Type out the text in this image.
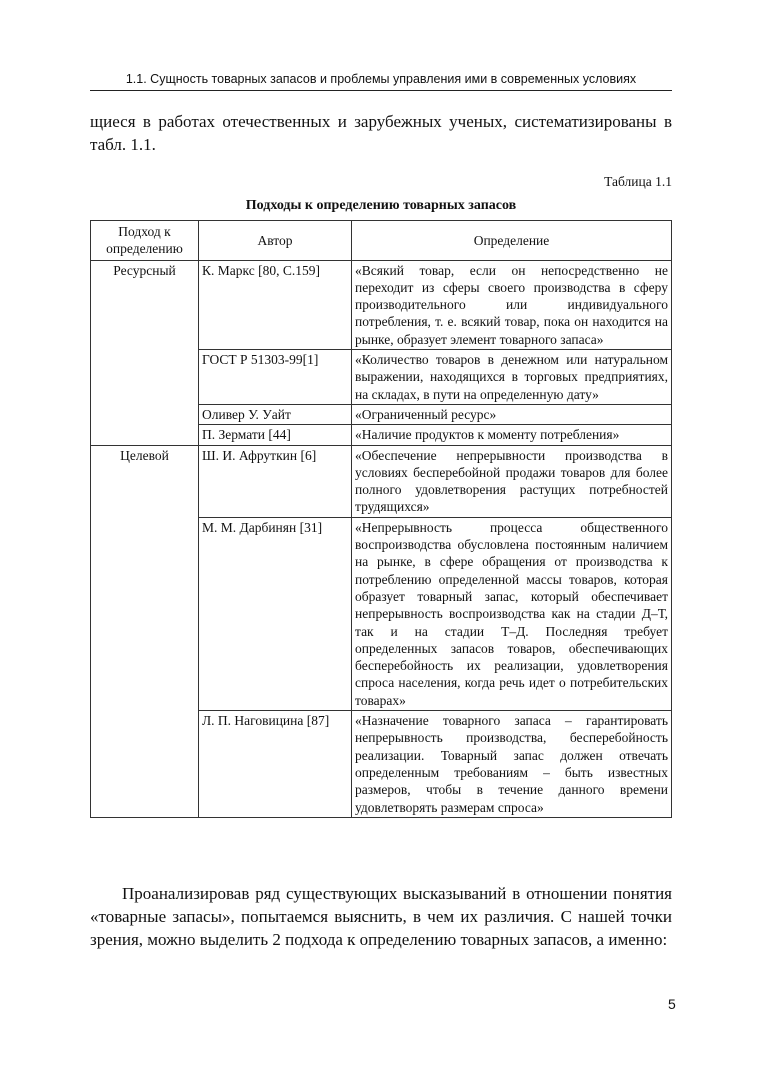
1.1. Сущность товарных запасов и проблемы управления ими в современных условиях

щиеся в работах отечественных и зарубежных ученых, систематизированы в табл. 1.1.

Таблица 1.1
Подходы к определению товарных запасов
Подход к определению	Автор	Определение
Ресурсный	К. Маркс [80, С.159]	«Всякий товар, если он непосредственно не переходит из сферы своего производства в сферу производительного или индивидуального потребления, т. е. всякий товар, пока он находится на рынке, образует элемент товарного запаса»
	ГОСТ Р 51303-99[1]	«Количество товаров в денежном или натуральном выражении, находящихся в торговых предприятиях, на складах, в пути на определенную дату»
	Оливер У. Уайт	«Ограниченный ресурс»
	П. Зермати [44]	«Наличие продуктов к моменту потребления»
Целевой	Ш. И. Афруткин [6]	«Обеспечение непрерывности производства в условиях бесперебойной продажи товаров для более полного удовлетворения растущих потребностей трудящихся»
	М. М. Дарбинян [31]	«Непрерывность процесса общественного воспроизводства обусловлена постоянным наличием на рынке, в сфере обращения от производства к потреблению определенной массы товаров, которая образует товарный запас, который обеспечивает непрерывность воспроизводства как на стадии Д–Т, так и на стадии Т–Д. Последняя требует определенных запасов товаров, обеспечивающих бесперебойность их реализации, удовлетворения спроса населения, когда речь идет о потребительских товарах»
	Л. П. Наговицина [87]	«Назначение товарного запаса – гарантировать непрерывность производства, бесперебойность реализации. Товарный запас должен отвечать определенным требованиям – быть известных размеров, чтобы в течение данного времени удовлетворять размерам спроса»

Проанализировав ряд существующих высказываний в отношении понятия «товарные запасы», попытаемся выяснить, в чем их различия. С нашей точки зрения, можно выделить 2 подхода к определению товарных запасов, а именно:

5
